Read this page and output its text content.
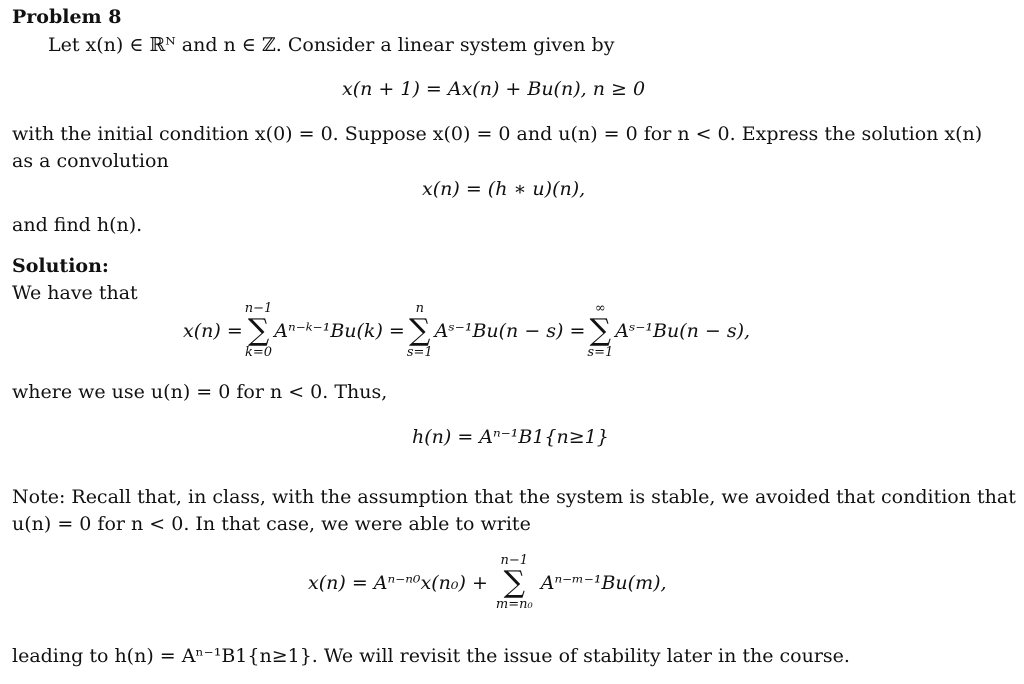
Problem 8
Let x(n) ∈ ℝᴺ and n ∈ ℤ. Consider a linear system given by
x(n + 1) = Ax(n) + Bu(n), n ≥ 0
with the initial condition x(0) = 0. Suppose x(0) = 0 and u(n) = 0 for n < 0. Express the solution x(n)
as a convolution
x(n) = (h ∗ u)(n),
and find h(n).
Solution:
We have that
x(n) =
n−1
∑
k=0
Aⁿ⁻ᵏ⁻¹Bu(k) =
n
∑
s=1
Aˢ⁻¹Bu(n − s) =
∞
∑
s=1
Aˢ⁻¹Bu(n − s),
where we use u(n) = 0 for n < 0. Thus,
h(n) = Aⁿ⁻¹B1{n≥1}
Note: Recall that, in class, with the assumption that the system is stable, we avoided that condition that
u(n) = 0 for n < 0. In that case, we were able to write
x(n) = Aⁿ⁻ⁿ⁰x(n₀) +
n−1
∑
m=n₀
Aⁿ⁻ᵐ⁻¹Bu(m),
leading to h(n) = Aⁿ⁻¹B1{n≥1}. We will revisit the issue of stability later in the course.
